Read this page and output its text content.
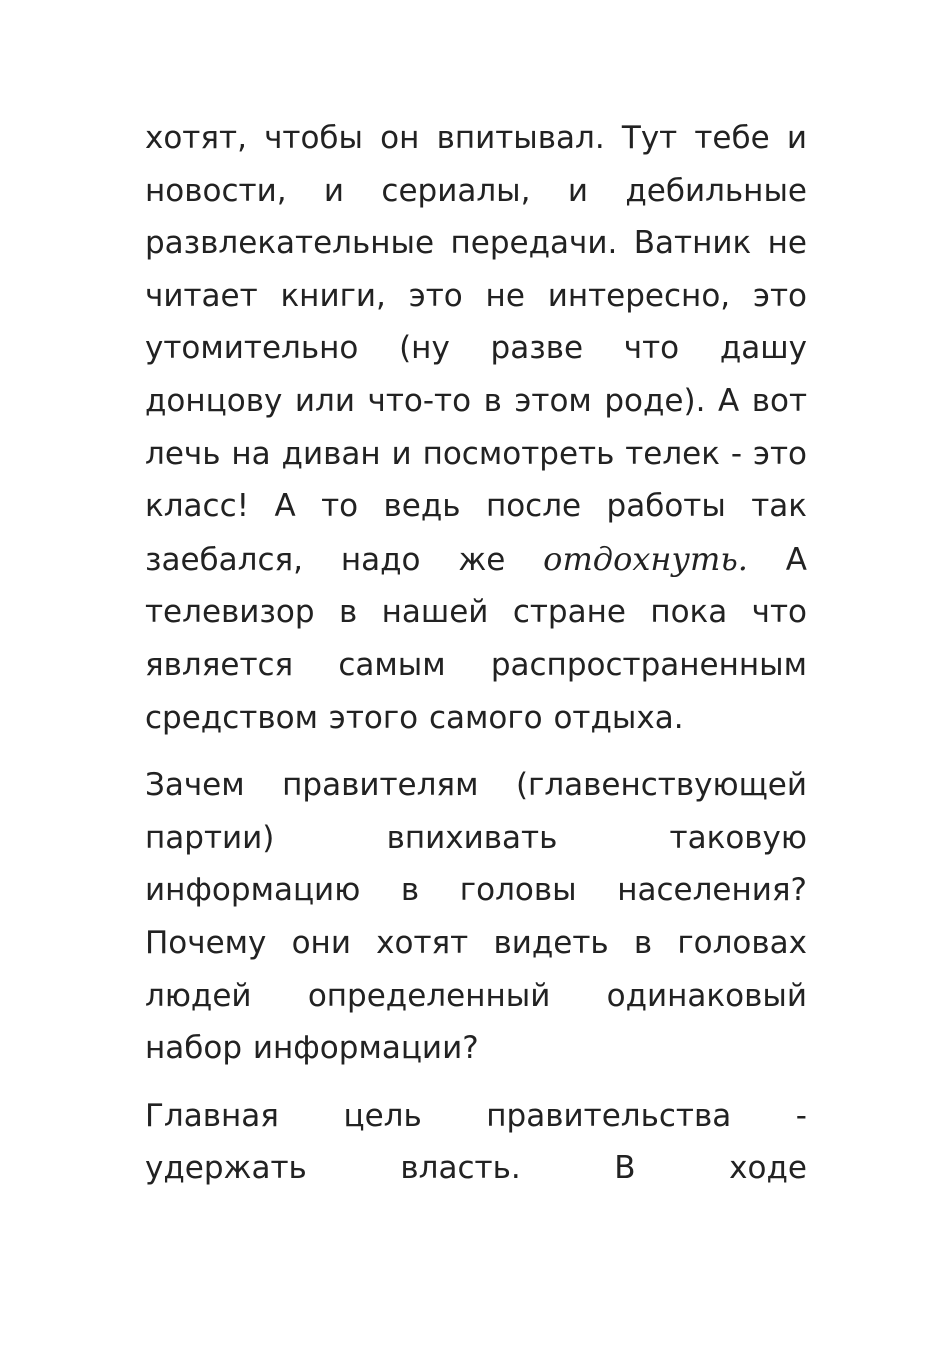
хотят, чтобы он впитывал. Тут тебе и новости, и сериалы, и дебильные развлекательные передачи. Ватник не читает книги, это не интересно, это утомительно (ну разве что дашу донцову или что-то в этом роде). А вот лечь на диван и посмотреть телек - это класс! А то ведь после работы так заебался, надо же отдохнуть. А телевизор в нашей стране пока что является самым распространенным средством этого самого отдыха.

Зачем правителям (главенствующей партии) впихивать таковую информацию в головы населения? Почему они хотят видеть в головах людей определенный одинаковый набор информации?

Главная цель правительства - удержать власть. В ходе
